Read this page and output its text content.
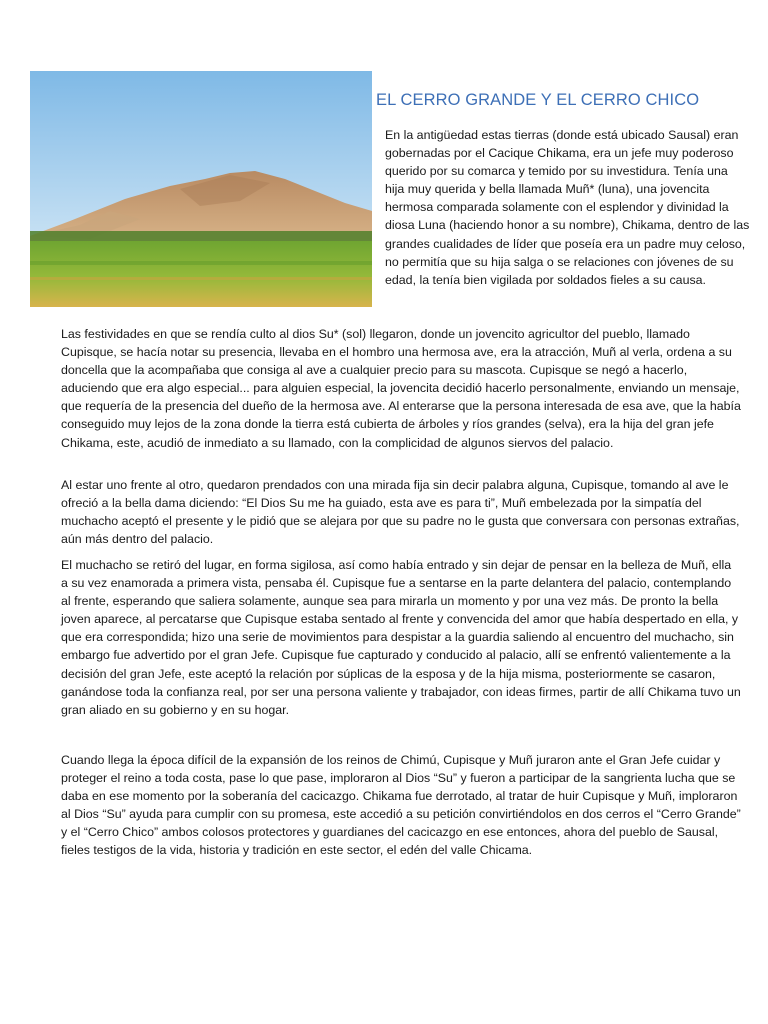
EL CERRO GRANDE Y EL CERRO CHICO

En la antigüedad estas tierras (donde está ubicado Sausal) eran gobernadas por el Cacique Chikama, era un jefe muy poderoso querido por su comarca y temido por su investidura. Tenía una hija muy querida y bella llamada Muñ* (luna), una jovencita hermosa comparada solamente con el esplendor y divinidad la diosa Luna (haciendo honor a su nombre), Chikama, dentro de las grandes cualidades de líder que poseía era un padre muy celoso, no permitía que su hija salga o se relaciones con jóvenes de su edad, la tenía bien vigilada por soldados fieles a su causa.

Las festividades en que se rendía culto al dios Su* (sol) llegaron, donde un jovencito agricultor del pueblo, llamado Cupisque, se hacía notar su presencia, llevaba en el hombro una hermosa ave, era la atracción, Muñ al verla, ordena a su doncella que la acompañaba que consiga al ave a cualquier precio para su mascota. Cupisque se negó a hacerlo, aduciendo que era algo especial... para alguien especial, la jovencita decidió hacerlo personalmente, enviando un mensaje, que requería de la presencia del dueño de la hermosa ave. Al enterarse que la persona interesada de esa ave, que la había conseguido muy lejos de la zona donde la tierra está cubierta de árboles y ríos grandes (selva), era la hija del gran jefe Chikama, este, acudió de inmediato a su llamado, con la complicidad de algunos siervos del palacio.

Al estar uno frente al otro, quedaron prendados con una mirada fija sin decir palabra alguna, Cupisque, tomando al ave le ofreció a la bella dama diciendo: “El Dios Su me ha guiado, esta ave es para ti”, Muñ embelezada por la simpatía del muchacho aceptó el presente y le pidió que se alejara por que su padre no le gusta que conversara con personas extrañas, aún más dentro del palacio.

El muchacho se retiró del lugar, en forma sigilosa, así como había entrado y sin dejar de pensar en la belleza de Muñ, ella a su vez enamorada a primera vista, pensaba él. Cupisque fue a sentarse en la parte delantera del palacio, contemplando al frente, esperando que saliera solamente, aunque sea para mirarla un momento y por una vez más. De pronto la bella joven aparece, al percatarse que Cupisque estaba sentado al frente y convencida del amor que había despertado en ella, y que era correspondida; hizo una serie de movimientos para despistar a la guardia saliendo al encuentro del muchacho, sin embargo fue advertido por el gran Jefe. Cupisque fue capturado y conducido al palacio, allí se enfrentó valientemente a la decisión del gran Jefe, este aceptó la relación por súplicas de la esposa y de la hija misma, posteriormente se casaron, ganándose toda la confianza real, por ser una persona valiente y trabajador, con ideas firmes, partir de allí Chikama tuvo un gran aliado en su gobierno y en su hogar.

Cuando llega la época difícil de la expansión de los reinos de Chimú, Cupisque y Muñ juraron ante el Gran Jefe cuidar y proteger el reino a toda costa, pase lo que pase, imploraron al Dios “Su” y fueron a participar de la sangrienta lucha que se daba en ese momento por la soberanía del cacicazgo. Chikama fue derrotado, al tratar de huir Cupisque y Muñ, imploraron al Dios “Su” ayuda para cumplir con su promesa, este accedió a su petición convirtiéndolos en dos cerros el “Cerro Grande” y el “Cerro Chico” ambos colosos protectores y guardianes del cacicazgo en ese entonces, ahora del pueblo de Sausal, fieles testigos de la vida, historia y tradición en este sector, el edén del valle Chicama.
